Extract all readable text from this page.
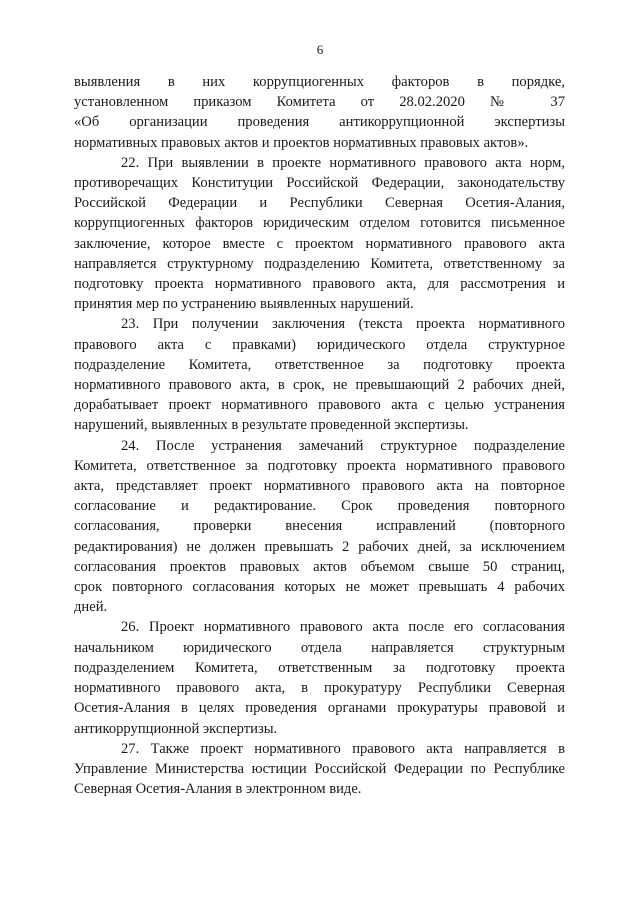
6
выявления в них коррупциогенных факторов в порядке,
установленном приказом Комитета от 28.02.2020 № 37
«Об организации проведения антикоррупционной экспертизы
нормативных правовых актов и проектов нормативных правовых актов».
22. При выявлении в проекте нормативного правового акта норм,
противоречащих Конституции Российской Федерации, законодательству
Российской Федерации и Республики Северная Осетия-Алания,
коррупциогенных факторов юридическим отделом готовится письменное
заключение, которое вместе с проектом нормативного правового акта
направляется структурному подразделению Комитета, ответственному за
подготовку проекта нормативного правового акта, для рассмотрения и
принятия мер по устранению выявленных нарушений.
23. При получении заключения (текста проекта нормативного
правового акта с правками) юридического отдела структурное
подразделение Комитета, ответственное за подготовку проекта
нормативного правового акта, в срок, не превышающий 2 рабочих дней,
дорабатывает проект нормативного правового акта с целью устранения
нарушений, выявленных в результате проведенной экспертизы.
24. После устранения замечаний структурное подразделение
Комитета, ответственное за подготовку проекта нормативного правового
акта, представляет проект нормативного правового акта на повторное
согласование и редактирование. Срок проведения повторного
согласования, проверки внесения исправлений (повторного
редактирования) не должен превышать 2 рабочих дней, за исключением
согласования проектов правовых актов объемом свыше 50 страниц,
срок повторного согласования которых не может превышать 4 рабочих
дней.
26. Проект нормативного правового акта после его согласования
начальником юридического отдела направляется структурным
подразделением Комитета, ответственным за подготовку проекта
нормативного правового акта, в прокуратуру Республики Северная
Осетия-Алания в целях проведения органами прокуратуры правовой и
антикоррупционной экспертизы.
27. Также проект нормативного правового акта направляется в
Управление Министерства юстиции Российской Федерации по Республике
Северная Осетия-Алания в электронном виде.
